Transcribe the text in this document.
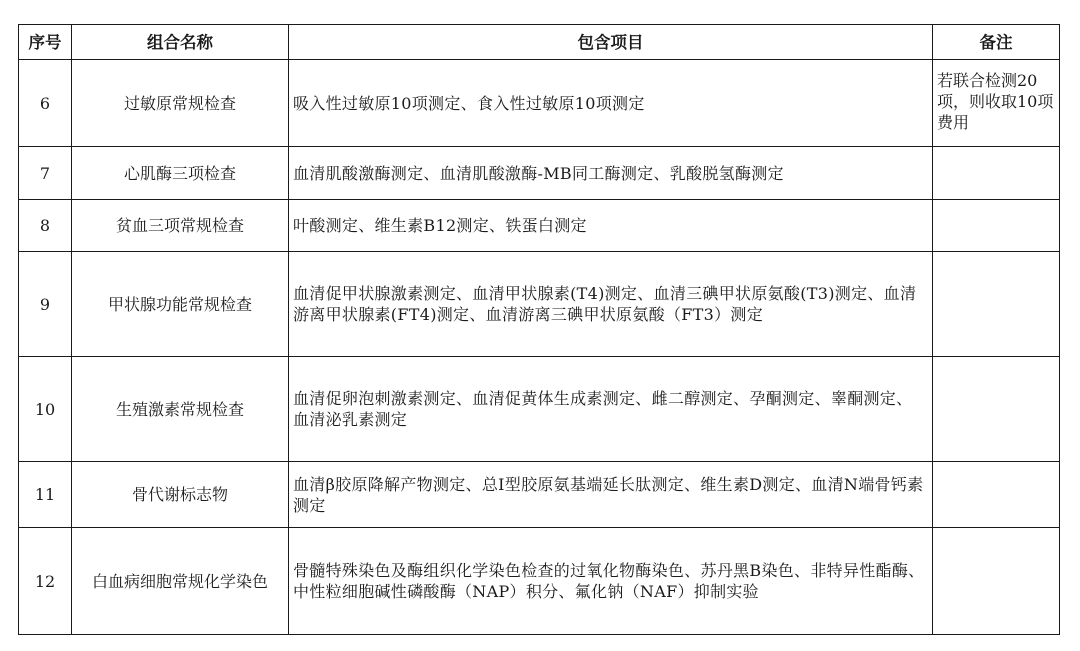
序号	组合名称	包含项目	备注
6	过敏原常规检查	吸入性过敏原10项测定、食入性过敏原10项测定	若联合检测20项，则收取10项费用
7	心肌酶三项检查	血清肌酸激酶测定、血清肌酸激酶-MB同工酶测定、乳酸脱氢酶测定	
8	贫血三项常规检查	叶酸测定、维生素B12测定、铁蛋白测定	
9	甲状腺功能常规检查	血清促甲状腺激素测定、血清甲状腺素(T4)测定、血清三碘甲状原氨酸(T3)测定、血清游离甲状腺素(FT4)测定、血清游离三碘甲状原氨酸（FT3）测定	
10	生殖激素常规检查	血清促卵泡刺激素测定、血清促黄体生成素测定、雌二醇测定、孕酮测定、睾酮测定、血清泌乳素测定	
11	骨代谢标志物	血清β胶原降解产物测定、总Ⅰ型胶原氨基端延长肽测定、维生素D测定、血清N端骨钙素测定	
12	白血病细胞常规化学染色	骨髓特殊染色及酶组织化学染色检查的过氧化物酶染色、苏丹黑B染色、非特异性酯酶、中性粒细胞碱性磷酸酶（NAP）积分、氟化钠（NAF）抑制实验	
